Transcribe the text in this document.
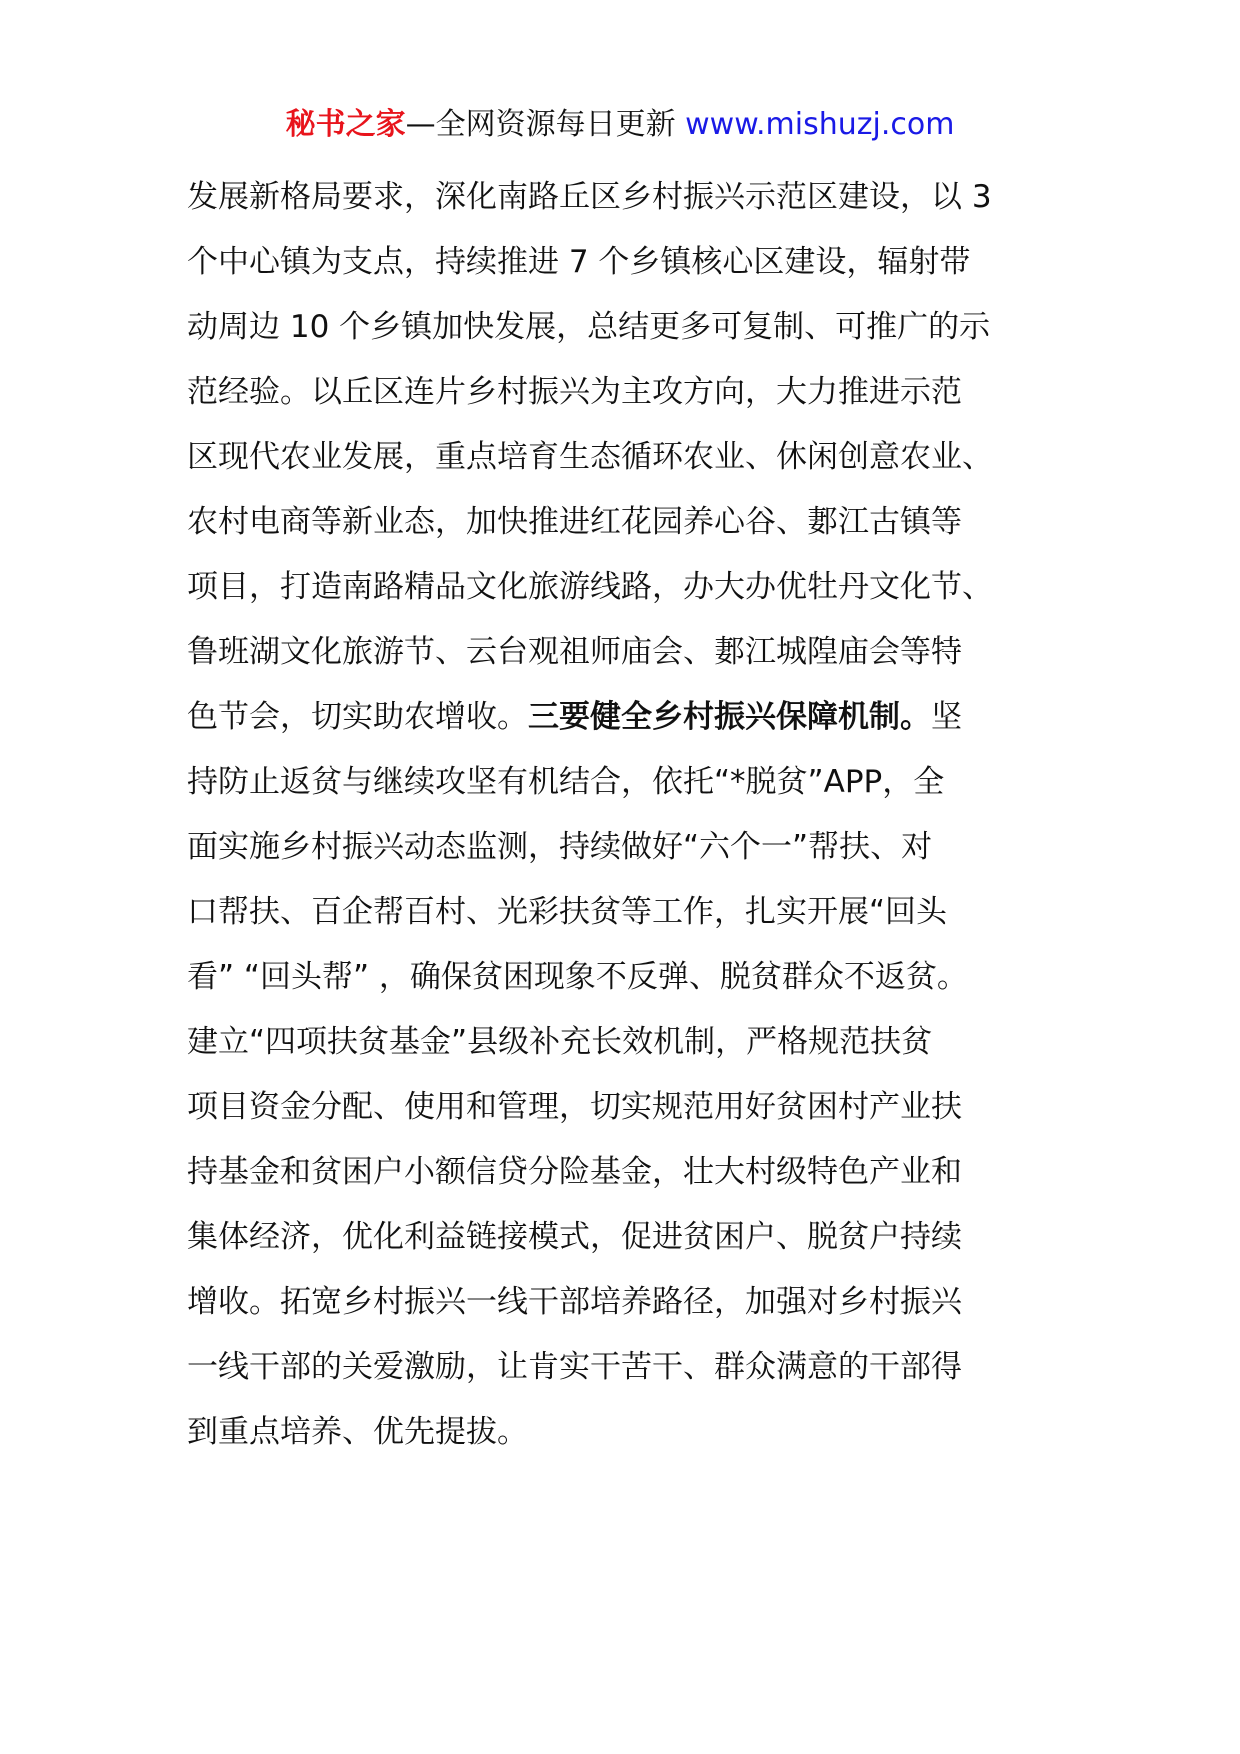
秘书之家—全网资源每日更新 www.mishuzj.com
发展新格局要求，深化南路丘区乡村振兴示范区建设，以 3
个中心镇为支点，持续推进 7 个乡镇核心区建设，辐射带
动周边 10 个乡镇加快发展，总结更多可复制、可推广的示
范经验。以丘区连片乡村振兴为主攻方向，大力推进示范
区现代农业发展，重点培育生态循环农业、休闲创意农业、
农村电商等新业态，加快推进红花园养心谷、郪江古镇等
项目，打造南路精品文化旅游线路，办大办优牡丹文化节、
鲁班湖文化旅游节、云台观祖师庙会、郪江城隍庙会等特
色节会，切实助农增收。三要健全乡村振兴保障机制。坚
持防止返贫与继续攻坚有机结合，依托“*脱贫”APP，全
面实施乡村振兴动态监测，持续做好“六个一”帮扶、对
口帮扶、百企帮百村、光彩扶贫等工作，扎实开展“回头
看” “回头帮” ，确保贫困现象不反弹、脱贫群众不返贫。
建立“四项扶贫基金”县级补充长效机制，严格规范扶贫
项目资金分配、使用和管理，切实规范用好贫困村产业扶
持基金和贫困户小额信贷分险基金，壮大村级特色产业和
集体经济，优化利益链接模式，促进贫困户、脱贫户持续
增收。拓宽乡村振兴一线干部培养路径，加强对乡村振兴
一线干部的关爱激励，让肯实干苦干、群众满意的干部得
到重点培养、优先提拔。
